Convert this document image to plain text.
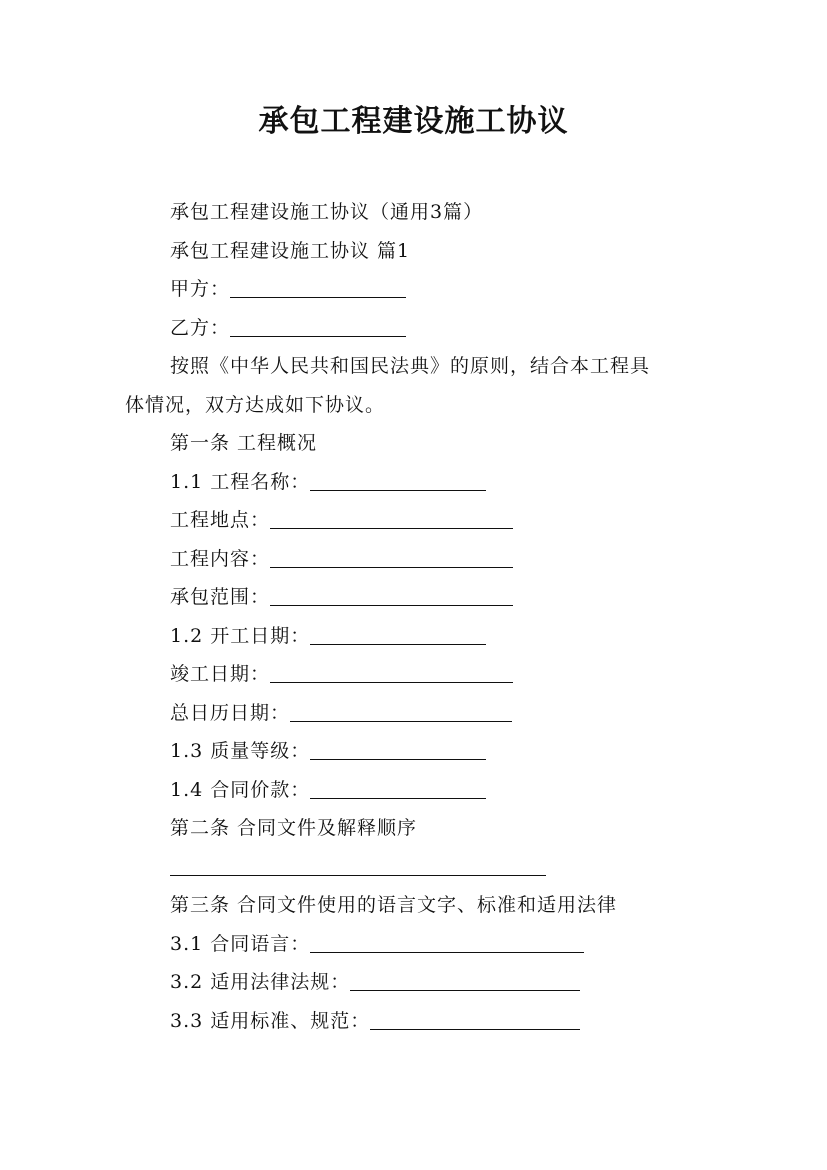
承包工程建设施工协议
承包工程建设施工协议（通用3篇）
承包工程建设施工协议 篇1
甲方：
乙方：
按照《中华人民共和国民法典》的原则，结合本工程具
体情况，双方达成如下协议。
第一条 工程概况
1.1 工程名称：
工程地点：
工程内容：
承包范围：
1.2 开工日期：
竣工日期：
总日历日期：
1.3 质量等级：
1.4 合同价款：
第二条 合同文件及解释顺序
第三条 合同文件使用的语言文字、标准和适用法律
3.1 合同语言：
3.2 适用法律法规：
3.3 适用标准、规范：
